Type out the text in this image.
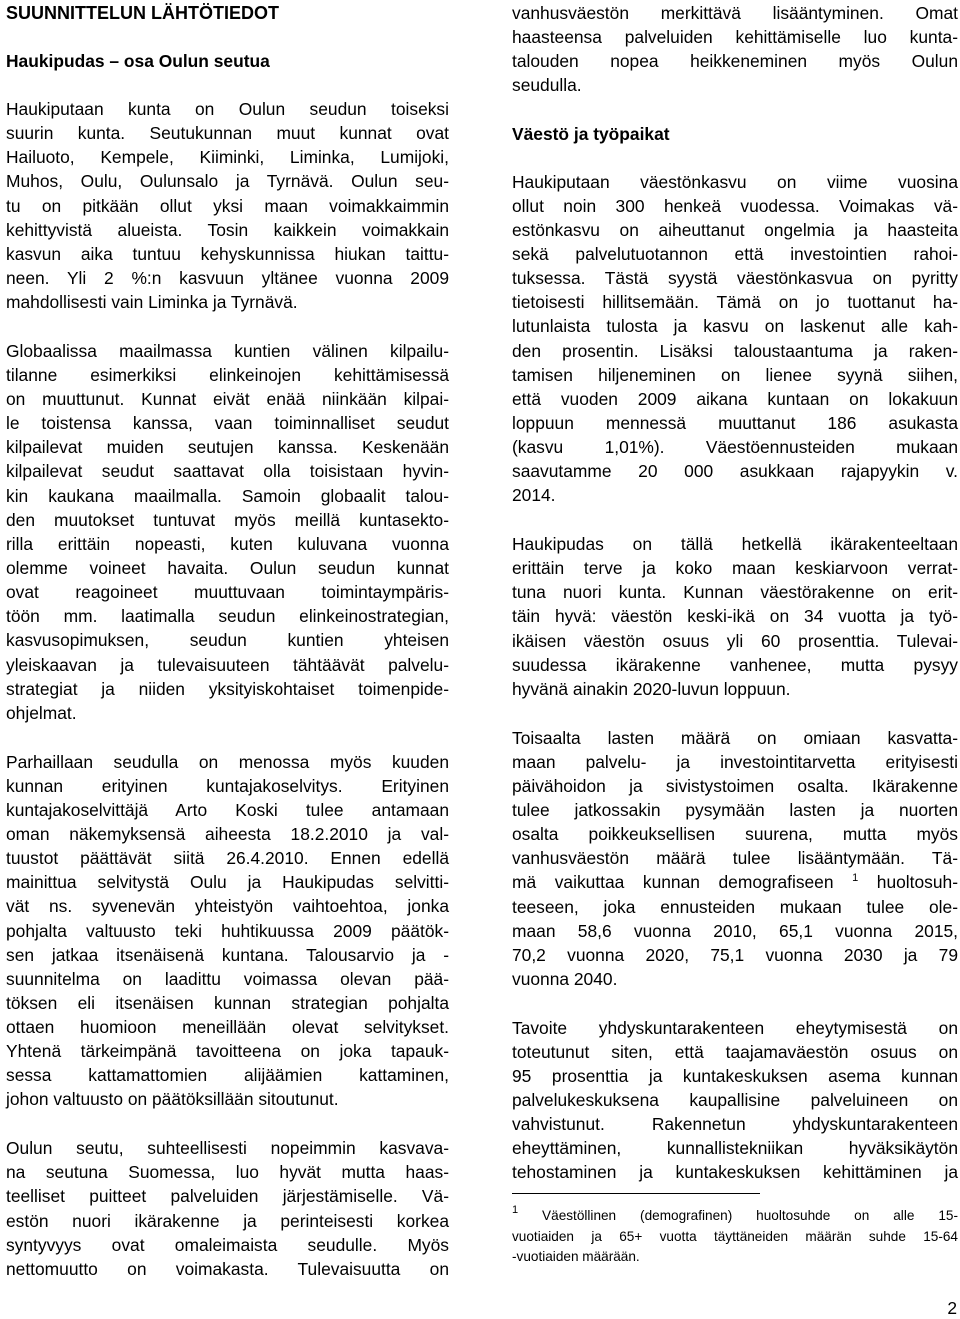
SUUNNITTELUN LÄHTÖTIEDOT
Haukipudas – osa Oulun seutua
Haukiputaan kunta on Oulun seudun toiseksi
suurin kunta. Seutukunnan muut kunnat ovat
Hailuoto, Kempele, Kiiminki, Liminka, Lumijoki,
Muhos, Oulu, Oulunsalo ja Tyrnävä. Oulun seu-
tu on pitkään ollut yksi maan voimakkaimmin
kehittyvistä alueista. Tosin kaikkein voimakkain
kasvun aika tuntuu kehyskunnissa hiukan taittu-
neen. Yli 2 %:n kasvuun yltänee vuonna 2009
mahdollisesti vain Liminka ja Tyrnävä.
Globaalissa maailmassa kuntien välinen kilpailu-
tilanne esimerkiksi elinkeinojen kehittämisessä
on muuttunut. Kunnat eivät enää niinkään kilpai-
le toistensa kanssa, vaan toiminnalliset seudut
kilpailevat muiden seutujen kanssa. Keskenään
kilpailevat seudut saattavat olla toisistaan hyvin-
kin kaukana maailmalla. Samoin globaalit talou-
den muutokset tuntuvat myös meillä kuntasekto-
rilla erittäin nopeasti, kuten kuluvana vuonna
olemme voineet havaita. Oulun seudun kunnat
ovat reagoineet muuttuvaan toimintaympäris-
töön mm. laatimalla seudun elinkeinostrategian,
kasvusopimuksen, seudun kuntien yhteisen
yleiskaavan ja tulevaisuuteen tähtäävät palvelu-
strategiat ja niiden yksityiskohtaiset toimenpide-
ohjelmat.
Parhaillaan seudulla on menossa myös kuuden
kunnan erityinen kuntajakoselvitys. Erityinen
kuntajakoselvittäjä Arto Koski tulee antamaan
oman näkemyksensä aiheesta 18.2.2010 ja val-
tuustot päättävät siitä 26.4.2010. Ennen edellä
mainittua selvitystä Oulu ja Haukipudas selvitti-
vät ns. syvenevän yhteistyön vaihtoehtoa, jonka
pohjalta valtuusto teki huhtikuussa 2009 päätök-
sen jatkaa itsenäisenä kuntana. Talousarvio ja -
suunnitelma on laadittu voimassa olevan pää-
töksen eli itsenäisen kunnan strategian pohjalta
ottaen huomioon meneillään olevat selvitykset.
Yhtenä tärkeimpänä tavoitteena on joka tapauk-
sessa kattamattomien alijäämien kattaminen,
johon valtuusto on päätöksillään sitoutunut.
Oulun seutu, suhteellisesti nopeimmin kasvava-
na seutuna Suomessa, luo hyvät mutta haas-
teelliset puitteet palveluiden järjestämiselle. Vä-
estön nuori ikärakenne ja perinteisesti korkea
syntyvyys ovat omaleimaista seudulle. Myös
nettomuutto on voimakasta. Tulevaisuutta on
vanhusväestön merkittävä lisääntyminen. Omat
haasteensa palveluiden kehittämiselle luo kunta-
talouden nopea heikkeneminen myös Oulun
seudulla.
Väestö ja työpaikat
Haukiputaan väestönkasvu on viime vuosina
ollut noin 300 henkeä vuodessa. Voimakas vä-
estönkasvu on aiheuttanut ongelmia ja haasteita
sekä palvelutuotannon että investointien rahoi-
tuksessa. Tästä syystä väestönkasvua on pyritty
tietoisesti hillitsemään. Tämä on jo tuottanut ha-
lutunlaista tulosta ja kasvu on laskenut alle kah-
den prosentin. Lisäksi taloustaantuma ja raken-
tamisen hiljeneminen on lienee syynä siihen,
että vuoden 2009 aikana kuntaan on lokakuun
loppuun mennessä muuttanut 186 asukasta
(kasvu 1,01%). Väestöennusteiden mukaan
saavutamme 20 000 asukkaan rajapyykin v.
2014.
Haukipudas on tällä hetkellä ikärakenteeltaan
erittäin terve ja koko maan keskiarvoon verrat-
tuna nuori kunta. Kunnan väestörakenne on erit-
täin hyvä: väestön keski-ikä on 34 vuotta ja työ-
ikäisen väestön osuus yli 60 prosenttia. Tulevai-
suudessa ikärakenne vanhenee, mutta pysyy
hyvänä ainakin 2020-luvun loppuun.
Toisaalta lasten määrä on omiaan kasvatta-
maan palvelu- ja investointitarvetta erityisesti
päivähoidon ja sivistystoimen osalta. Ikärakenne
tulee jatkossakin pysymään lasten ja nuorten
osalta poikkeuksellisen suurena, mutta myös
vanhusväestön määrä tulee lisääntymään. Tä-
mä vaikuttaa kunnan demografiseen $^1$ huoltosuh-
teeseen, joka ennusteiden mukaan tulee ole-
maan 58,6 vuonna 2010, 65,1 vuonna 2015,
70,2 vuonna 2020, 75,1 vuonna 2030 ja 79
vuonna 2040.
Tavoite yhdyskuntarakenteen eheytymisestä on
toteutunut siten, että taajamaväestön osuus on
95 prosenttia ja kuntakeskuksen asema kunnan
palvelukeskuksena kaupallisine palveluineen on
vahvistunut. Rakennetun yhdyskuntarakenteen
eheyttäminen, kunnallistekniikan hyväksikäytön
tehostaminen ja kuntakeskuksen kehittäminen ja
$^1$ Väestöllinen (demografinen) huoltosuhde on alle 15-
vuotiaiden ja 65+ vuotta täyttäneiden määrän suhde 15-64
-vuotiaiden määrään.
2
